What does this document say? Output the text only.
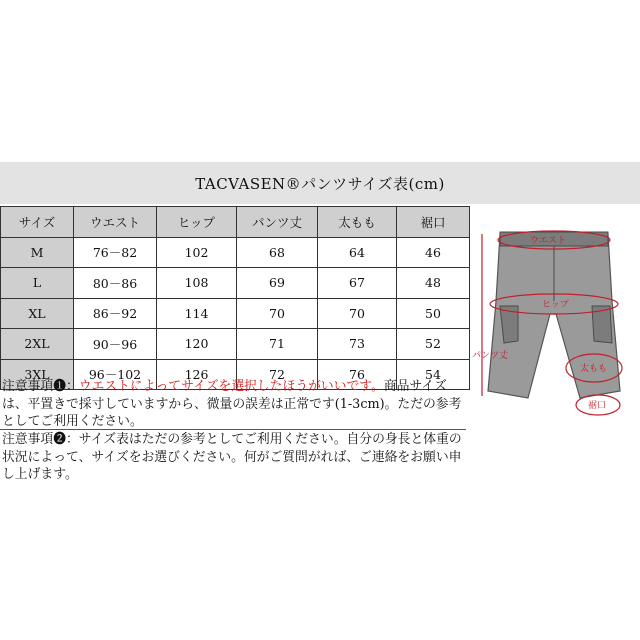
TACVASEN®パンツサイズ表(cm)
サイズ	ウエスト	ヒップ	パンツ丈	太もも	裾口
M	76－82	102	68	64	46
L	80－86	108	69	67	48
XL	86－92	114	70	70	50
2XL	90－96	120	71	73	52
3XL	96－102	126	72	76	54
注意事項❶：ウエストによってサイズを選択したほうがいいです。商品サイズは、平置きで採寸していますから、微量の誤差は正常です(1-3cm)。ただの参考としてご利用ください。
注意事項❷：サイズ表はただの参考としてご利用ください。自分の身長と体重の状況によって、サイズをお選びください。何がご質問がれば、ご連絡をお願い申し上げます。
ウエスト
ヒップ
パンツ丈
太もも
裾口
